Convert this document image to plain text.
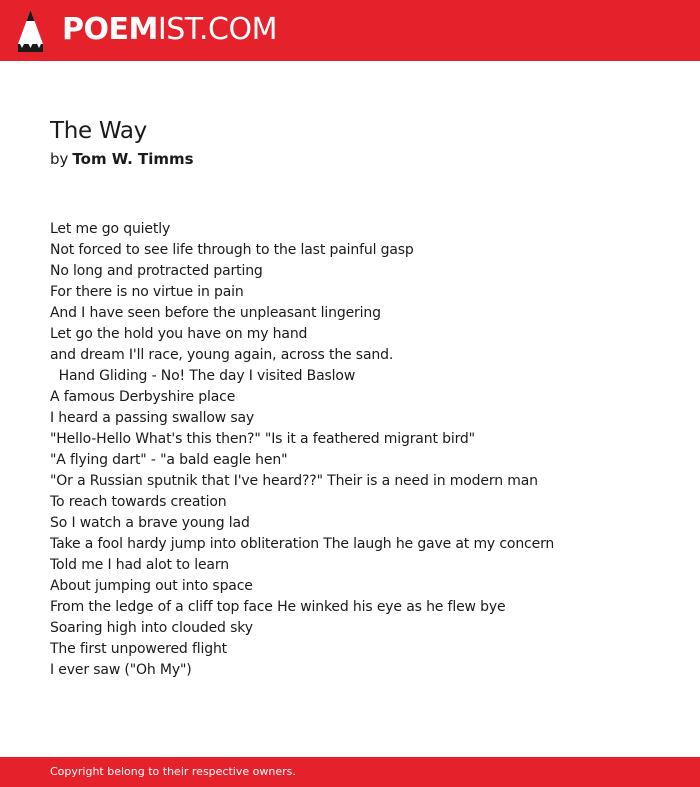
POEMIST.COM
The Way
by Tom W. Timms
Let me go quietly
Not forced to see life through to the last painful gasp
No long and protracted parting
For there is no virtue in pain
And I have seen before the unpleasant lingering
Let go the hold you have on my hand
and dream I'll race, young again, across the sand.
Hand Gliding - No! The day I visited Baslow
A famous Derbyshire place
I heard a passing swallow say
"Hello-Hello What's this then?" "Is it a feathered migrant bird"
"A flying dart" - "a bald eagle hen"
"Or a Russian sputnik that I've heard??" Their is a need in modern man
To reach towards creation
So I watch a brave young lad
Take a fool hardy jump into obliteration The laugh he gave at my concern
Told me I had alot to learn
About jumping out into space
From the ledge of a cliff top face He winked his eye as he flew bye
Soaring high into clouded sky
The first unpowered flight
I ever saw ("Oh My")
Copyright belong to their respective owners.
